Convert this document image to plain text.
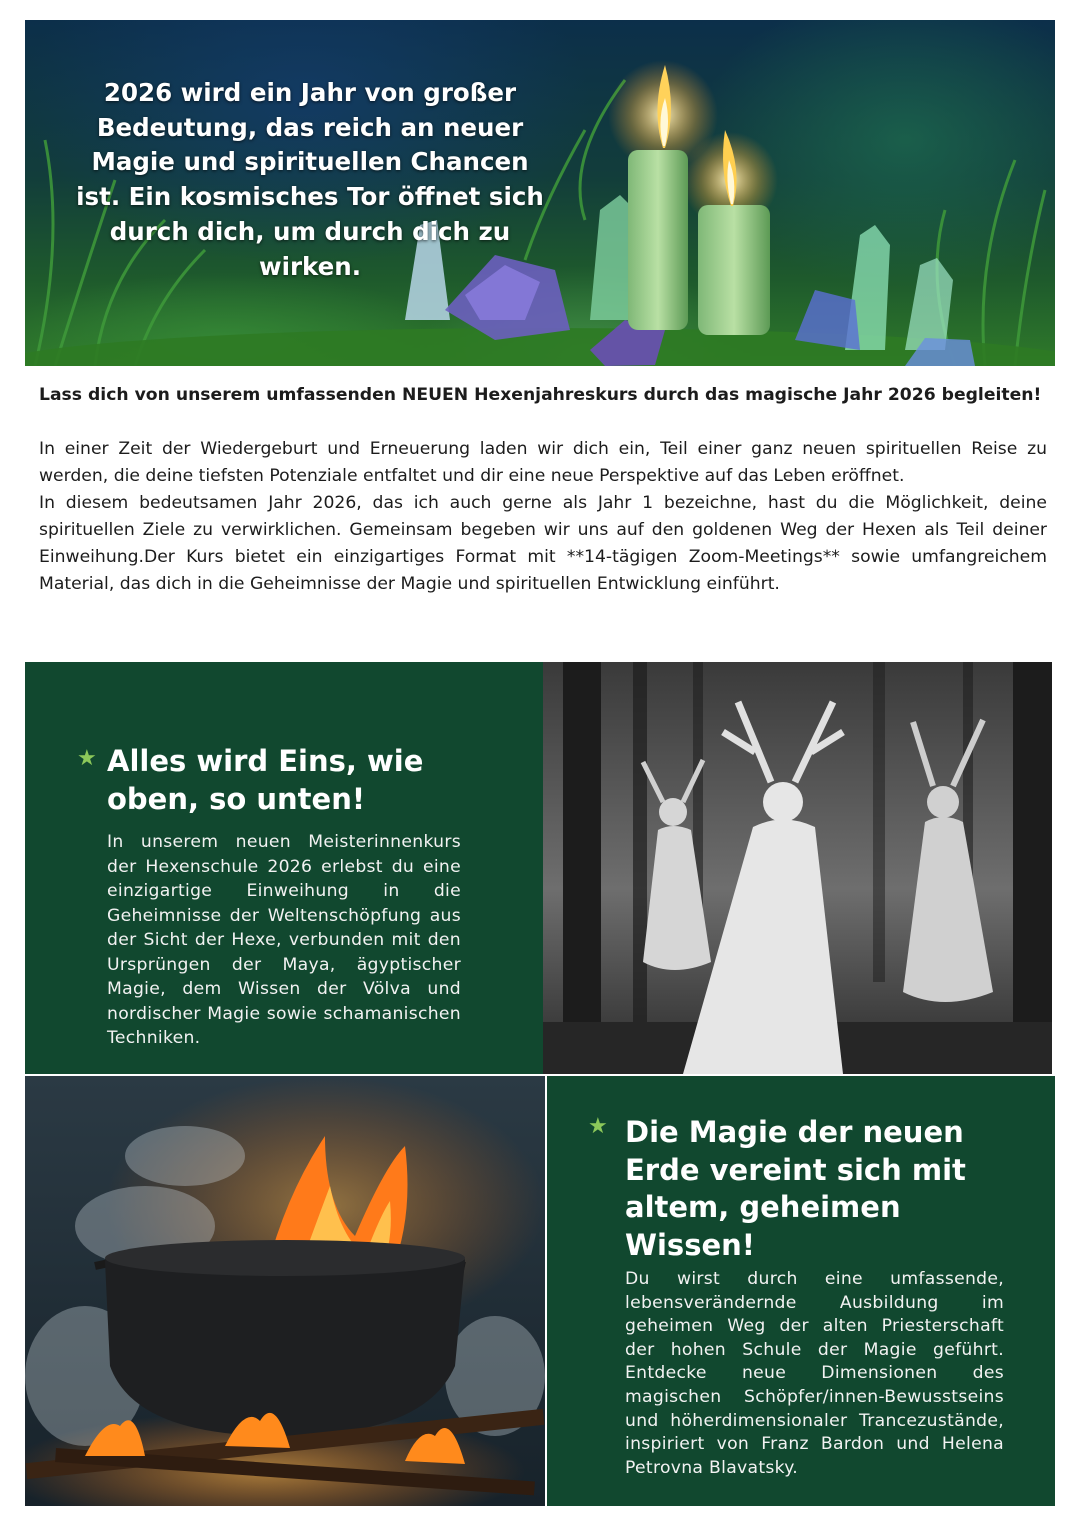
2026 wird ein Jahr von großer Bedeutung, das reich an neuer Magie und spirituellen Chancen ist. Ein kosmisches Tor öffnet sich durch dich, um durch dich zu wirken.

Lass dich von unserem umfassenden NEUEN Hexenjahreskurs durch das magische Jahr 2026 begleiten!

In einer Zeit der Wiedergeburt und Erneuerung laden wir dich ein, Teil einer ganz neuen spirituellen Reise zu werden, die deine tiefsten Potenziale entfaltet und dir eine neue Perspektive auf das Leben eröffnet.

In diesem bedeutsamen Jahr 2026, das ich auch gerne als Jahr 1 bezeichne, hast du die Möglichkeit, deine spirituellen Ziele zu verwirklichen. Gemeinsam begeben wir uns auf den goldenen Weg der Hexen als Teil deiner Einweihung.Der Kurs bietet ein einzigartiges Format mit **14-tägigen Zoom-Meetings** sowie umfangreichem Material, das dich in die Geheimnisse der Magie und spirituellen Entwicklung einführt.

★ Alles wird Eins, wie oben, so unten!

In unserem neuen Meisterinnenkurs der Hexenschule 2026 erlebst du eine einzigartige Einweihung in die Geheimnisse der Weltenschöpfung aus der Sicht der Hexe, verbunden mit den Ursprüngen der Maya, ägyptischer Magie, dem Wissen der Völva und nordischer Magie sowie schamanischen Techniken.

★ Die Magie der neuen Erde vereint sich mit altem, geheimen Wissen!

Du wirst durch eine umfassende, lebensverändernde Ausbildung im geheimen Weg der alten Priesterschaft der hohen Schule der Magie geführt. Entdecke neue Dimensionen des magischen Schöpfer/innen-Bewusstseins und höherdimensionaler Trancezustände, inspiriert von Franz Bardon und Helena Petrovna Blavatsky.
